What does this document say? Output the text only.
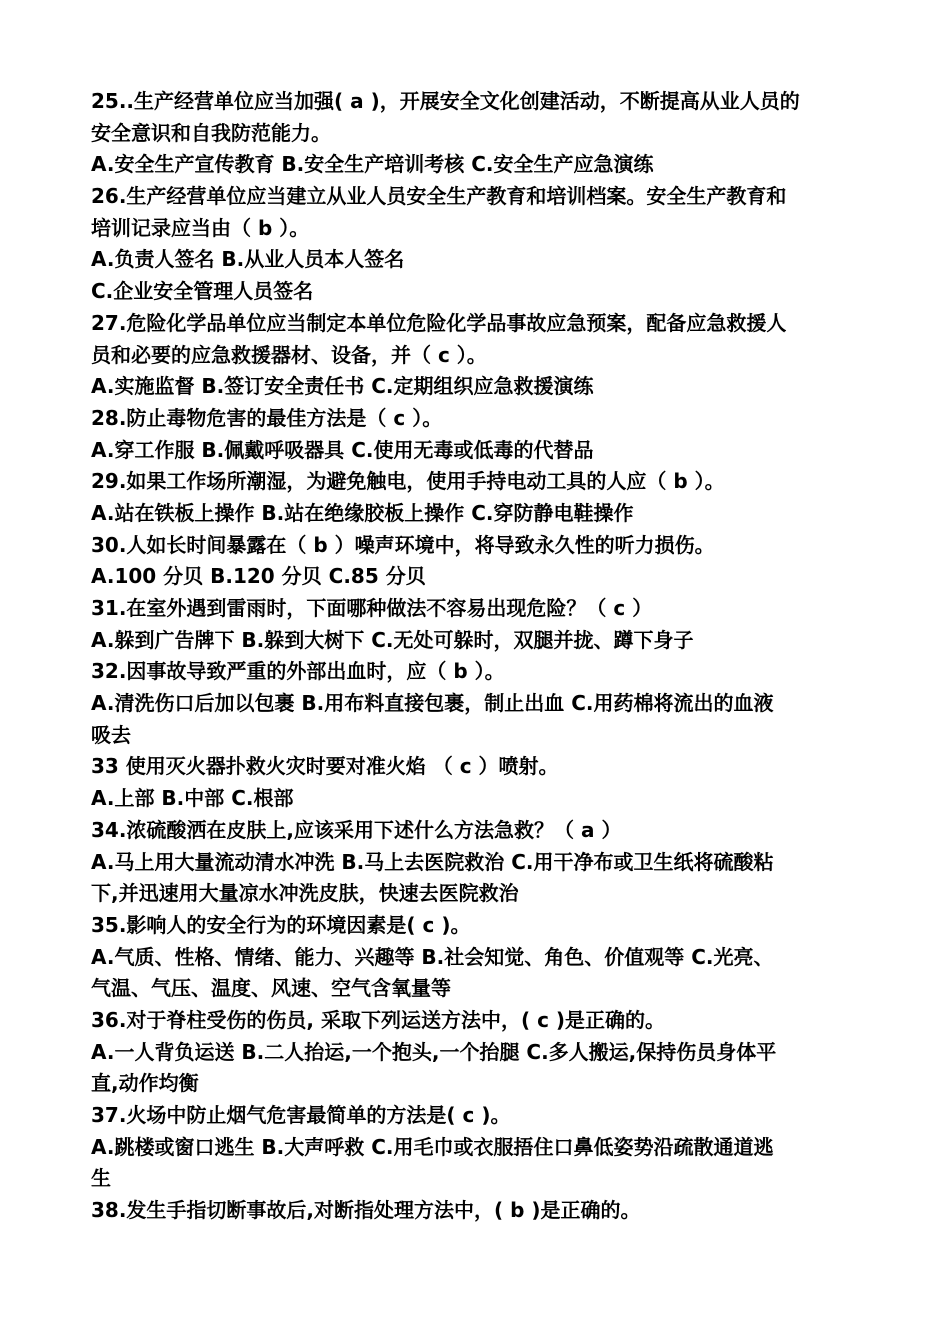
25..生产经营单位应当加强( a )，开展安全文化创建活动，不断提高从业人员的
安全意识和自我防范能力。
A.安全生产宣传教育 B.安全生产培训考核 C.安全生产应急演练
26.生产经营单位应当建立从业人员安全生产教育和培训档案。安全生产教育和
培训记录应当由（ b ）。
A.负责人签名 B.从业人员本人签名
C.企业安全管理人员签名
27.危险化学品单位应当制定本单位危险化学品事故应急预案，配备应急救援人
员和必要的应急救援器材、设备，并（ c ）。
A.实施监督 B.签订安全责任书 C.定期组织应急救援演练
28.防止毒物危害的最佳方法是（ c ）。
A.穿工作服 B.佩戴呼吸器具 C.使用无毒或低毒的代替品
29.如果工作场所潮湿，为避免触电，使用手持电动工具的人应（ b ）。
A.站在铁板上操作 B.站在绝缘胶板上操作 C.穿防静电鞋操作
30.人如长时间暴露在（ b ）噪声环境中，将导致永久性的听力损伤。
A.100 分贝 B.120 分贝 C.85 分贝
31.在室外遇到雷雨时，下面哪种做法不容易出现危险？（ c ）
A.躲到广告牌下 B.躲到大树下 C.无处可躲时，双腿并拢、蹲下身子
32.因事故导致严重的外部出血时，应（ b ）。
A.清洗伤口后加以包裹 B.用布料直接包裹，制止出血 C.用药棉将流出的血液
吸去
33 使用灭火器扑救火灾时要对准火焰 （ c ）喷射。
A.上部 B.中部 C.根部
34.浓硫酸洒在皮肤上,应该采用下述什么方法急救？（ a ）
A.马上用大量流动清水冲洗 B.马上去医院救治 C.用干净布或卫生纸将硫酸粘
下,并迅速用大量凉水冲洗皮肤，快速去医院救治
35.影响人的安全行为的环境因素是( c )。
A.气质、性格、情绪、能力、兴趣等 B.社会知觉、角色、价值观等 C.光亮、
气温、气压、温度、风速、空气含氧量等
36.对于脊柱受伤的伤员, 采取下列运送方法中，( c )是正确的。
A.一人背负运送 B.二人抬运,一个抱头,一个抬腿 C.多人搬运,保持伤员身体平
直,动作均衡
37.火场中防止烟气危害最简单的方法是( c )。
A.跳楼或窗口逃生 B.大声呼救 C.用毛巾或衣服捂住口鼻低姿势沿疏散通道逃
生
38.发生手指切断事故后,对断指处理方法中，( b )是正确的。
